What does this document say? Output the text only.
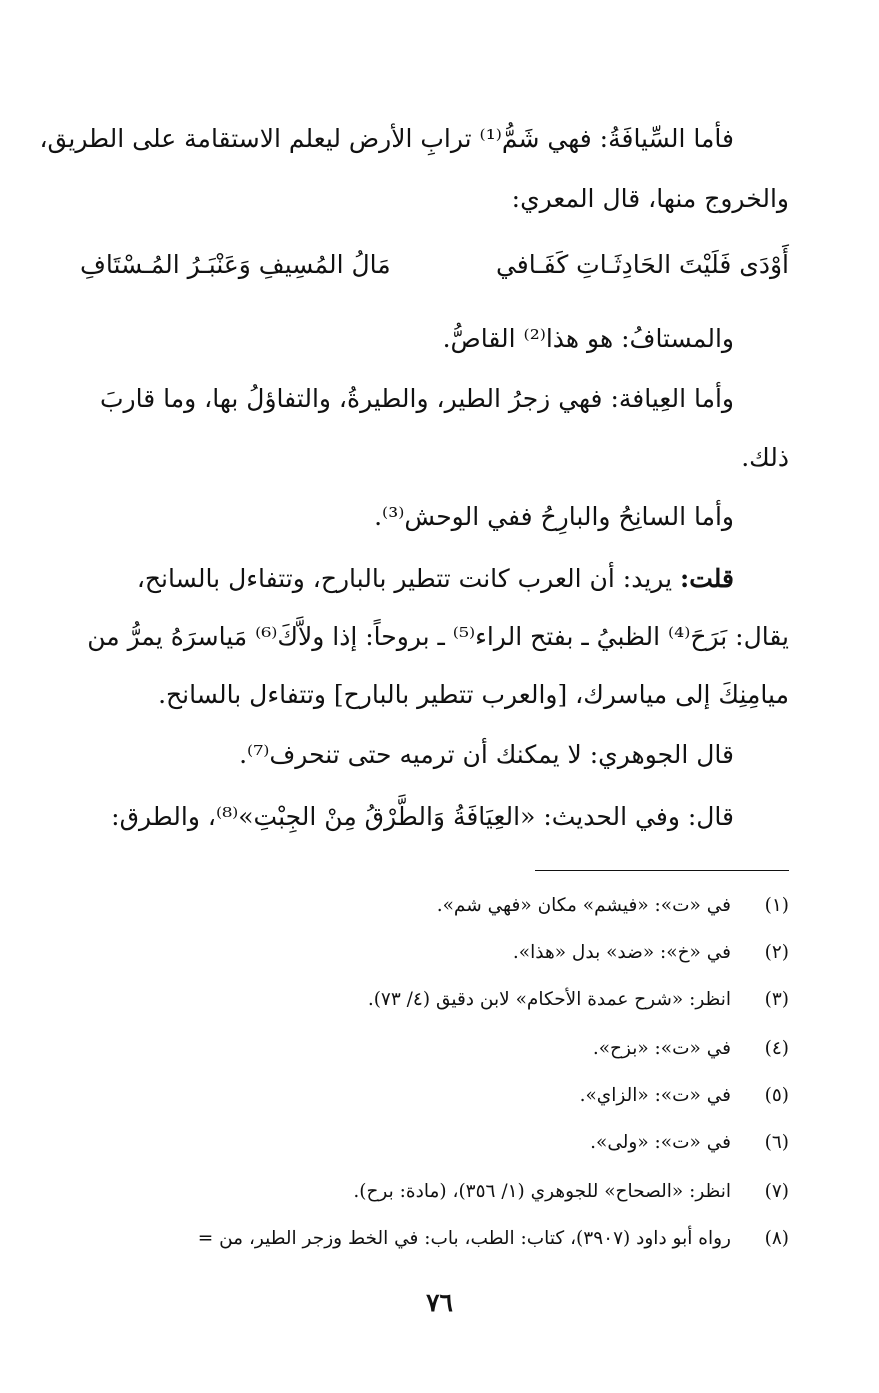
فأما السِّيافَةُ: فهي شَمُّ⁽¹⁾ ترابِ الأرض ليعلم الاستقامة على الطريق،
والخروج منها، قال المعري:
أَوْدَى فَلَيْتَ الحَادِثَـاتِ كَفَـافي
مَالُ المُسِيفِ وَعَنْبَـرُ المُـسْتَافِ
والمستافُ: هو هذا⁽²⁾ القاصُّ.
وأما العِيافة: فهي زجرُ الطير، والطيرةُ، والتفاؤلُ بها، وما قاربَ
ذلك.
وأما السانِحُ والبارِحُ ففي الوحش⁽³⁾.
قلت: يريد: أن العرب كانت تتطير بالبارح، وتتفاءل بالسانح،
يقال: بَرَحَ⁽⁴⁾ الظبيُ ـ بفتح الراء⁽⁵⁾ ـ بروحاً: إذا ولاَّكَ⁽⁶⁾ مَياسرَهُ يمرُّ من
ميامِنِكَ إلى مياسرك، [والعرب تتطير بالبارح] وتتفاءل بالسانح.
قال الجوهري: لا يمكنك أن ترميه حتى تنحرف⁽⁷⁾.
قال: وفي الحديث: «العِيَافَةُ وَالطَّرْقُ مِنْ الجِبْتِ»⁽⁸⁾، والطرق:
(١)في «ت»: «فيشم» مكان «فهي شم».
(٢)في «خ»: «ضد» بدل «هذا».
(٣)انظر: «شرح عمدة الأحكام» لابن دقيق (٤/ ٧٣).
(٤)في «ت»: «بزح».
(٥)في «ت»: «الزاي».
(٦)في «ت»: «ولى».
(٧)انظر: «الصحاح» للجوهري (١/ ٣٥٦)، (مادة: برح).
(٨)رواه أبو داود (٣٩٠٧)، كتاب: الطب، باب: في الخط وزجر الطير، من =
٧٦
